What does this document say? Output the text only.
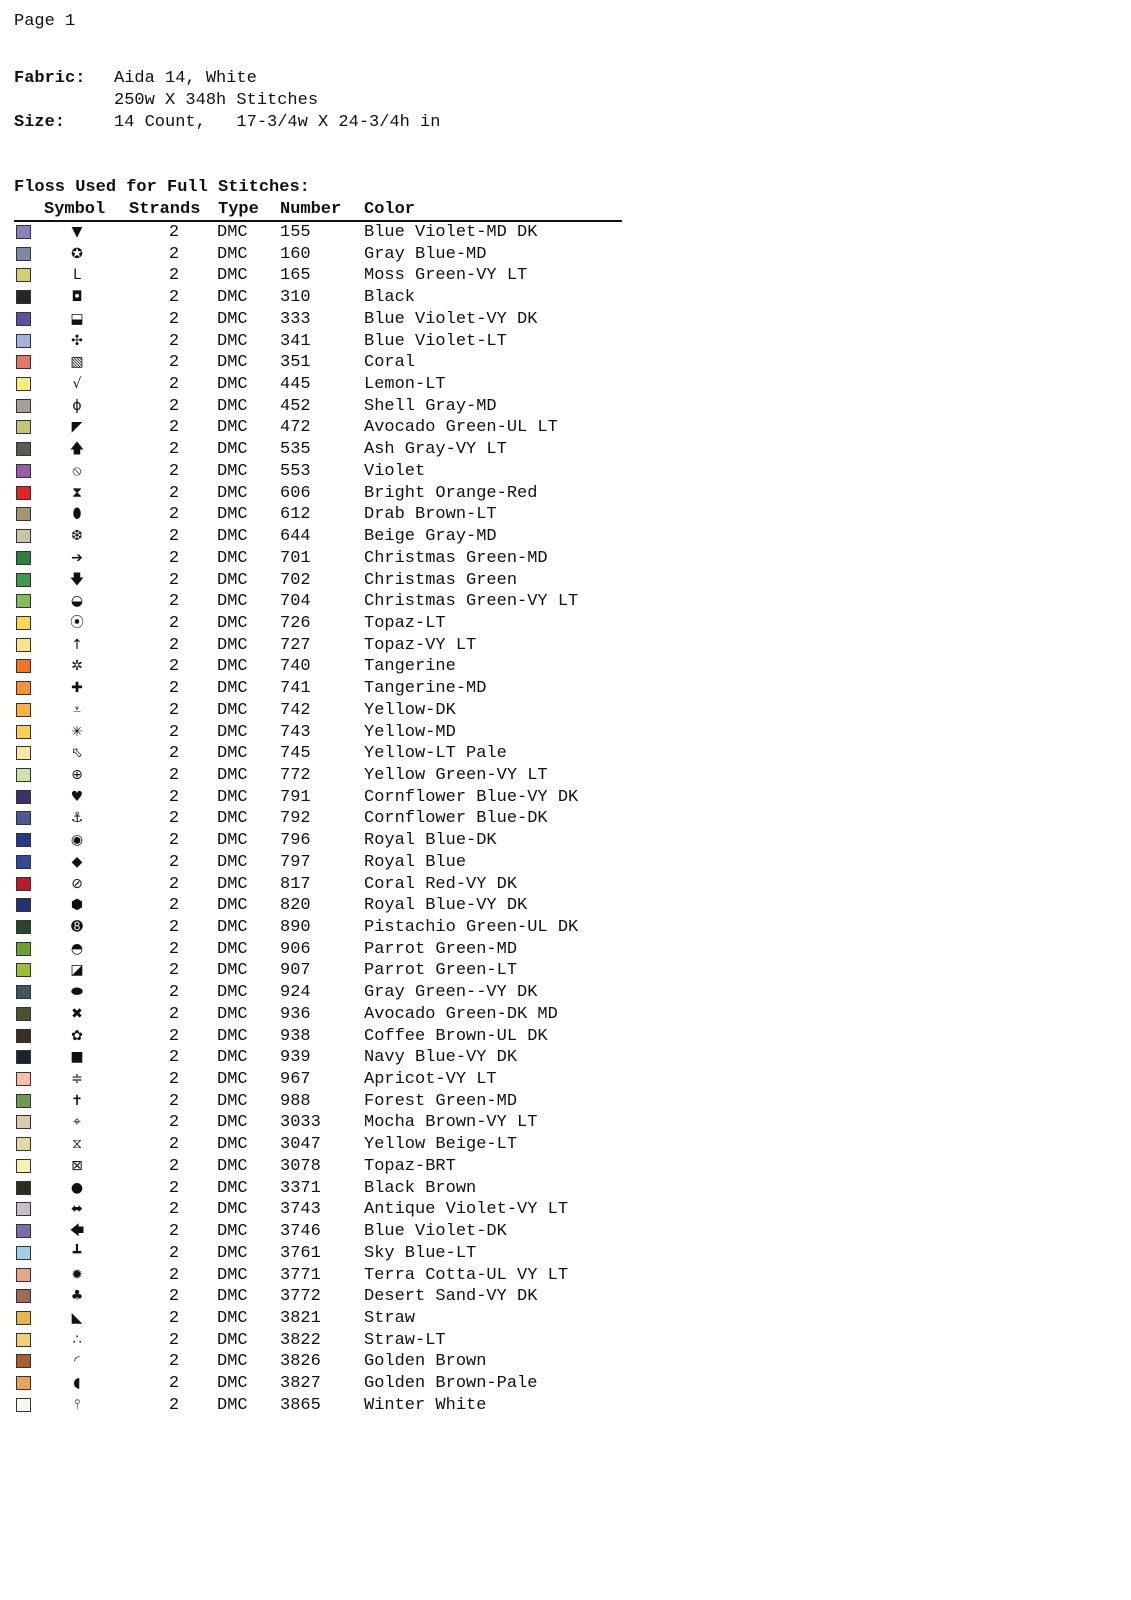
Page 1
Fabric:	Aida 14, White
250w X 348h Stitches
Size:	14 Count,   17-3/4w X 24-3/4h in
Floss Used for Full Stitches:
Symbol Strands Type Number Color
▼	2 DMC 155	Blue Violet-MD DK
✪	2 DMC 160	Gray Blue-MD
L	2 DMC 165	Moss Green-VY LT
◘	2 DMC 310	Black
⬓	2 DMC 333	Blue Violet-VY DK
✣	2 DMC 341	Blue Violet-LT
▧	2 DMC 351	Coral
√	2 DMC 445	Lemon-LT
ɸ	2 DMC 452	Shell Gray-MD
◤	2 DMC 472	Avocado Green-UL LT
🡅	2 DMC 535	Ash Gray-VY LT
⦸	2 DMC 553	Violet
⧗	2 DMC 606	Bright Orange-Red
⬮	2 DMC 612	Drab Brown-LT
❆	2 DMC 644	Beige Gray-MD
➔	2 DMC 701	Christmas Green-MD
🡇	2 DMC 702	Christmas Green
◒	2 DMC 704	Christmas Green-VY LT
⦿	2 DMC 726	Topaz-LT
↑	2 DMC 727	Topaz-VY LT
✲	2 DMC 740	Tangerine
✚	2 DMC 741	Tangerine-MD
⩡	2 DMC 742	Yellow-DK
✳	2 DMC 743	Yellow-MD
⬁	2 DMC 745	Yellow-LT Pale
⊕	2 DMC 772	Yellow Green-VY LT
♥	2 DMC 791	Cornflower Blue-VY DK
⚓	2 DMC 792	Cornflower Blue-DK
◉	2 DMC 796	Royal Blue-DK
◆	2 DMC 797	Royal Blue
⊘	2 DMC 817	Coral Red-VY DK
⬢	2 DMC 820	Royal Blue-VY DK
➑	2 DMC 890	Pistachio Green-UL DK
◓	2 DMC 906	Parrot Green-MD
◪	2 DMC 907	Parrot Green-LT
⬬	2 DMC 924	Gray Green--VY DK
✖	2 DMC 936	Avocado Green-DK MD
✿	2 DMC 938	Coffee Brown-UL DK
■	2 DMC 939	Navy Blue-VY DK
≑	2 DMC 967	Apricot-VY LT
✝	2 DMC 988	Forest Green-MD
⌖	2 DMC 3033	Mocha Brown-VY LT
⧖	2 DMC 3047	Yellow Beige-LT
⊠	2 DMC 3078	Topaz-BRT
●	2 DMC 3371	Black Brown
⬌	2 DMC 3743	Antique Violet-VY LT
🡄	2 DMC 3746	Blue Violet-DK
┻	2 DMC 3761	Sky Blue-LT
✹	2 DMC 3771	Terra Cotta-UL VY LT
♣	2 DMC 3772	Desert Sand-VY DK
◣	2 DMC 3821	Straw
∴	2 DMC 3822	Straw-LT
◜	2 DMC 3826	Golden Brown
◖	2 DMC 3827	Golden Brown-Pale
⫯	2 DMC 3865	Winter White
